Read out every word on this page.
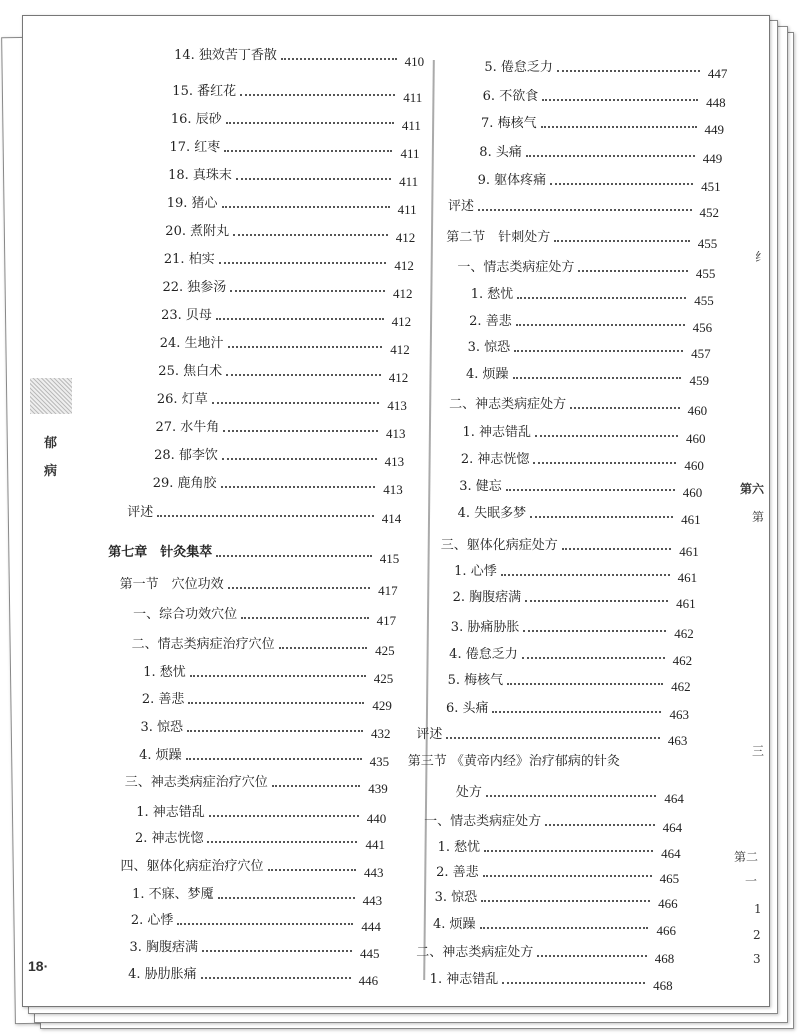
郁
病
18·
14. 独效苦丁香散	410
15. 番红花	411
16. 辰砂	411
17. 红枣	411
18. 真珠末	411
19. 猪心	411
20. 煮附丸	412
21. 柏实	412
22. 独参汤	412
23. 贝母	412
24. 生地汁	412
25. 焦白术	412
26. 灯草	413
27. 水牛角	413
28. 郁李饮	413
29. 鹿角胶	413
评述	414
第七章　针灸集萃	415
第一节　穴位功效	417
一、综合功效穴位	417
二、情志类病症治疗穴位	425
1. 愁忧	425
2. 善悲	429
3. 惊恐	432
4. 烦躁	435
三、神志类病症治疗穴位	439
1. 神志错乱	440
2. 神志恍惚	441
四、躯体化病症治疗穴位	443
1. 不寐、梦魇	443
2. 心悸	444
3. 胸腹痞满	445
4. 胁肋胀痛	446
5. 倦怠乏力	447
6. 不欲食	448
7. 梅核气	449
8. 头痛	449
9. 躯体疼痛	451
评述	452
第二节　针刺处方	455
一、情志类病症处方	455
1. 愁忧	455
2. 善悲	456
3. 惊恐	457
4. 烦躁	459
二、神志类病症处方	460
1. 神志错乱	460
2. 神志恍惚	460
3. 健忘	460
4. 失眠多梦	461
三、躯体化病症处方	461
1. 心悸	461
2. 胸腹痞满	461
3. 胁痛胁胀	462
4. 倦怠乏力	462
5. 梅核气	462
6. 头痛	463
评述	463
第三节 《黄帝内经》治疗郁病的针灸
处方	464
一、情志类病症处方	464
1. 愁忧	464
2. 善悲	465
3. 惊恐	466
4. 烦躁	466
二、神志类病症处方	468
1. 神志错乱	468
纟
第六
第
三
第二
一
1
2
3
